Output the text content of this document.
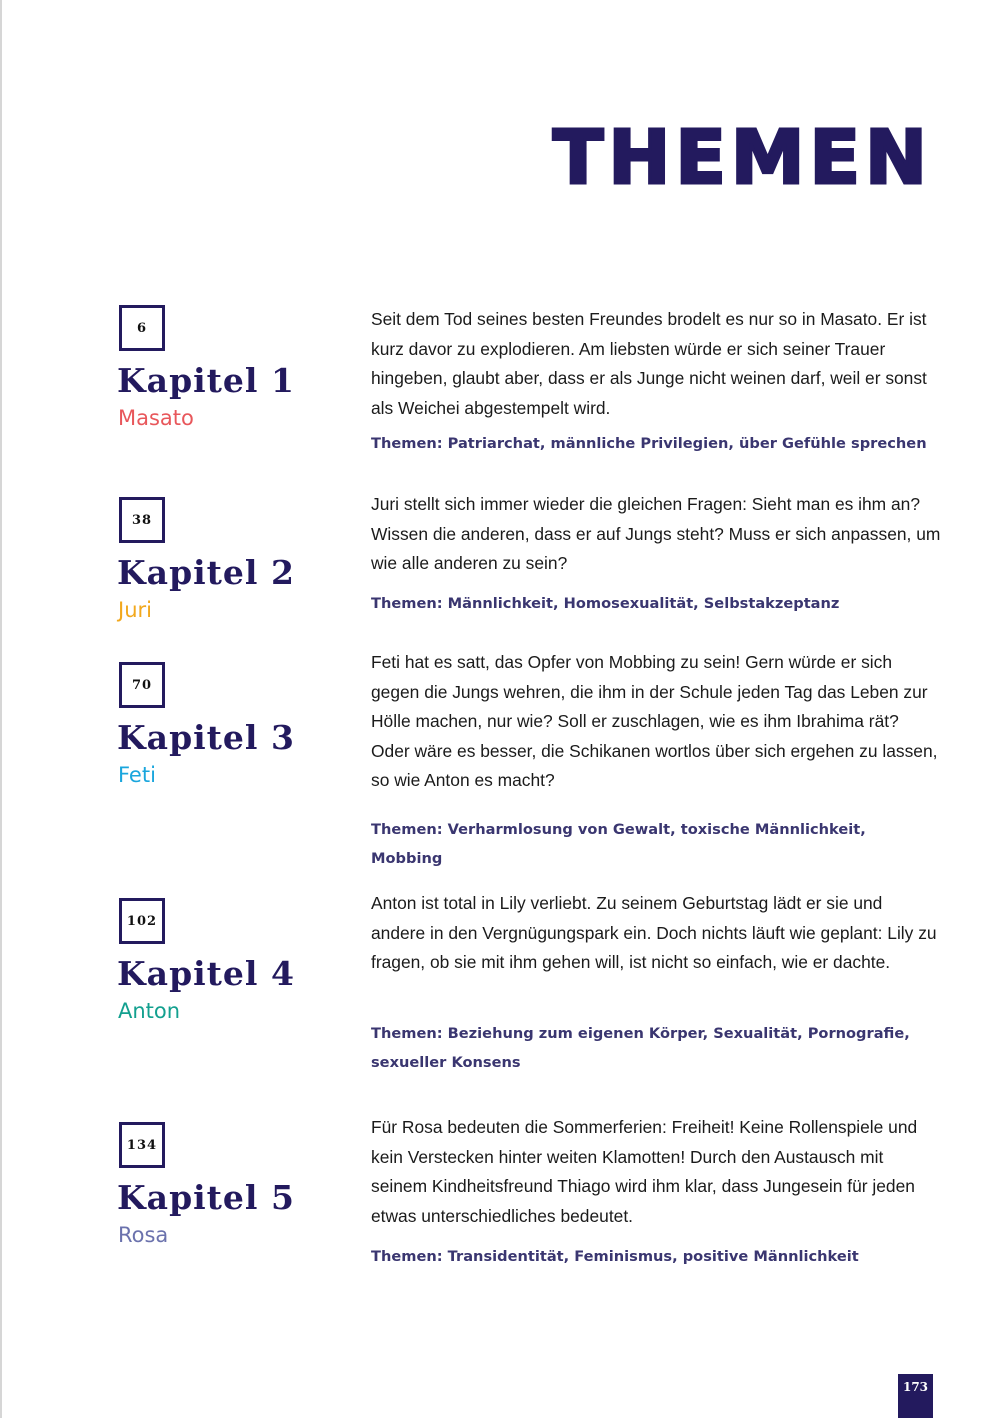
THEMEN
6
Kapitel 1
Masato

Seit dem Tod seines besten Freundes brodelt es nur so in Masato. Er ist kurz davor zu explodieren. Am liebsten würde er sich seiner Trauer hingeben, glaubt aber, dass er als Junge nicht weinen darf, weil er sonst als Weichei abgestempelt wird.

Themen: Patriarchat, männliche Privilegien, über Gefühle sprechen

38
Kapitel 2
Juri

Juri stellt sich immer wieder die gleichen Fragen: Sieht man es ihm an? Wissen die anderen, dass er auf Jungs steht? Muss er sich anpassen, um wie alle anderen zu sein?

Themen: Männlichkeit, Homosexualität, Selbstakzeptanz

70
Kapitel 3
Feti

Feti hat es satt, das Opfer von Mobbing zu sein! Gern würde er sich gegen die Jungs wehren, die ihm in der Schule jeden Tag das Leben zur Hölle machen, nur wie? Soll er zuschlagen, wie es ihm Ibrahima rät? Oder wäre es besser, die Schikanen wortlos über sich ergehen zu lassen, so wie Anton es macht?

Themen: Verharmlosung von Gewalt, toxische Männlichkeit, Mobbing

102
Kapitel 4
Anton

Anton ist total in Lily verliebt. Zu seinem Geburtstag lädt er sie und andere in den Vergnügungspark ein. Doch nichts läuft wie geplant: Lily zu fragen, ob sie mit ihm gehen will, ist nicht so einfach, wie er dachte.

Themen: Beziehung zum eigenen Körper, Sexualität, Pornografie, sexueller Konsens

134
Kapitel 5
Rosa

Für Rosa bedeuten die Sommerferien: Freiheit! Keine Rollenspiele und kein Verstecken hinter weiten Klamotten! Durch den Austausch mit seinem Kindheitsfreund Thiago wird ihm klar, dass Jungesein für jeden etwas unterschiedliches bedeutet.

Themen: Transidentität, Feminismus, positive Männlichkeit

173
